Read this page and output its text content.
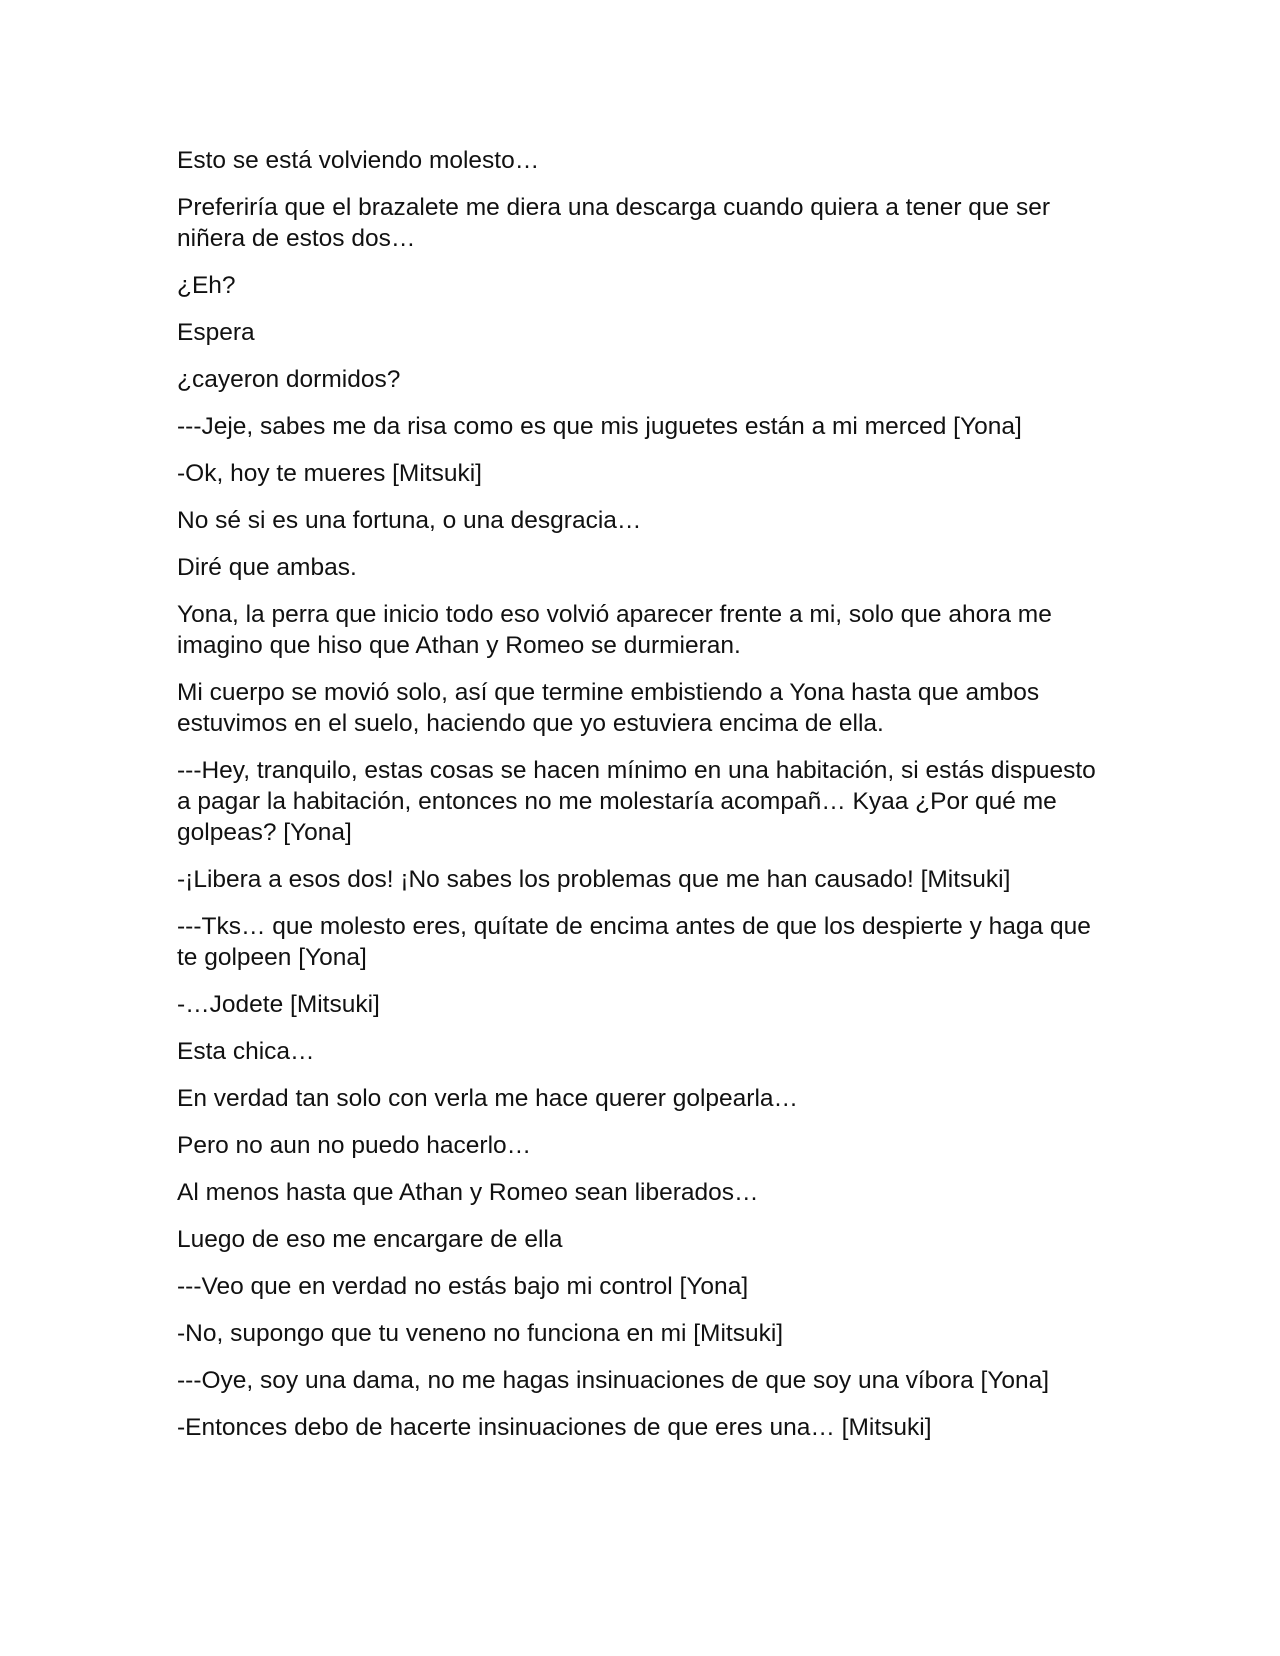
Esto se está volviendo molesto…

Preferiría que el brazalete me diera una descarga cuando quiera a tener que ser niñera de estos dos…

¿Eh?

Espera

¿cayeron dormidos?

---Jeje, sabes me da risa como es que mis juguetes están a mi merced [Yona]

-Ok, hoy te mueres [Mitsuki]

No sé si es una fortuna, o una desgracia…

Diré que ambas.

Yona, la perra que inicio todo eso volvió aparecer frente a mi, solo que ahora me imagino que hiso que Athan y Romeo se durmieran.

Mi cuerpo se movió solo, así que termine embistiendo a Yona hasta que ambos estuvimos en el suelo, haciendo que yo estuviera encima de ella.

---Hey, tranquilo, estas cosas se hacen mínimo en una habitación, si estás dispuesto a pagar la habitación, entonces no me molestaría acompañ… Kyaa ¿Por qué me golpeas? [Yona]

-¡Libera a esos dos! ¡No sabes los problemas que me han causado! [Mitsuki]

---Tks… que molesto eres, quítate de encima antes de que los despierte y haga que te golpeen [Yona]

-…Jodete [Mitsuki]

Esta chica…

En verdad tan solo con verla me hace querer golpearla…

Pero no aun no puedo hacerlo…

Al menos hasta que Athan y Romeo sean liberados…

Luego de eso me encargare de ella

---Veo que en verdad no estás bajo mi control [Yona]

-No, supongo que tu veneno no funciona en mi [Mitsuki]

---Oye, soy una dama, no me hagas insinuaciones de que soy una víbora [Yona]

-Entonces debo de hacerte insinuaciones de que eres una… [Mitsuki]
